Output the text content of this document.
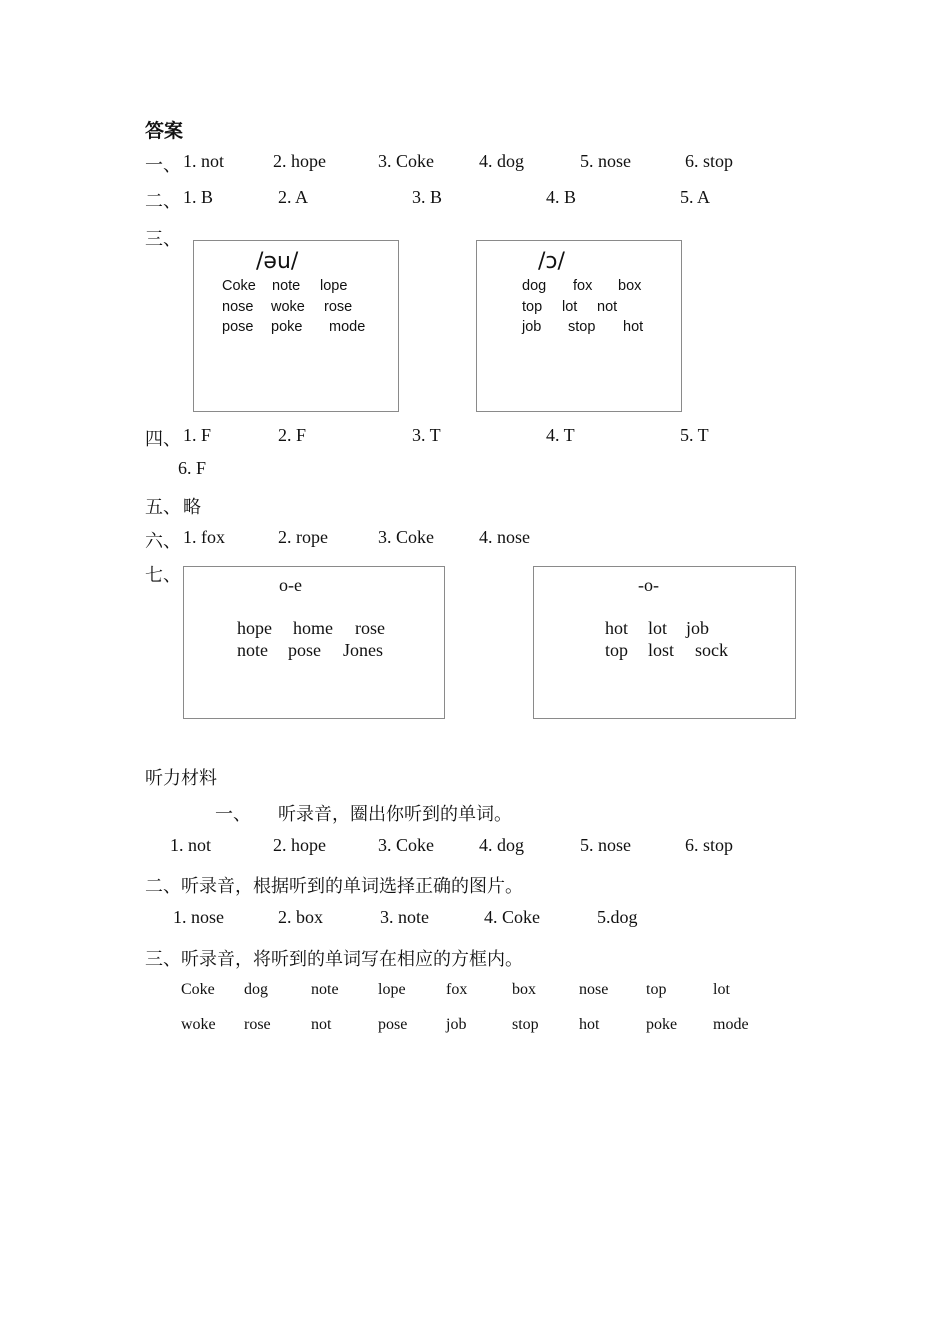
答案
一、 1. not	2. hope	3. Coke	4. dog	5. nose	6. stop
二、 1. B	2. A	3. B	4. B	5. A
三、
/əu/
Coke note lope
nose woke rose
pose poke mode
/ɔ/
dog fox box
top lot not
job stop hot
四、 1. F	2. F	3. T	4. T	5. T
6. F
五、 略
六、 1. fox	2. rope	3. Coke	4. nose
七、	o-e
hope home rose
note pose Jones
-o-
hot lot job
top lost sock
听力材料
一、 听录音，圈出你听到的单词。
1. not	2. hope	3. Coke	4. dog	5. nose	6. stop
二、听录音，根据听到的单词选择正确的图片。
1. nose	2. box	3. note	4. Coke	5.dog
三、听录音，将听到的单词写在相应的方框内。
Coke dog	note lope	fox	box	nose top	lot
woke rose	not	pose job	stop	hot	poke mode
